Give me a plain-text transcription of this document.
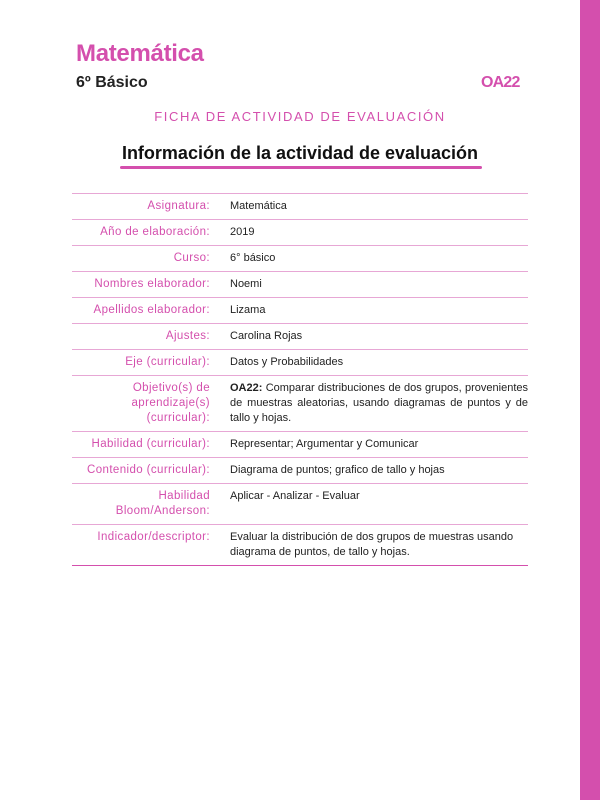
Matemática
6º Básico	OA22
FICHA DE ACTIVIDAD DE EVALUACIÓN
Información de la actividad de evaluación
Asignatura:	Matemática
Año de elaboración:	2019
Curso:	6° básico
Nombres elaborador:	Noemi
Apellidos elaborador:	Lizama
Ajustes:	Carolina Rojas
Eje (curricular):	Datos y Probabilidades
Objetivo(s) de aprendizaje(s) (curricular):	OA22: Comparar distribuciones de dos grupos, provenientes de muestras aleatorias, usando diagramas de puntos y de tallo y hojas.
Habilidad (curricular):	Representar; Argumentar y Comunicar
Contenido (curricular):	Diagrama de puntos; grafico de tallo y hojas
Habilidad Bloom/Anderson:	Aplicar - Analizar - Evaluar
Indicador/descriptor:	Evaluar la distribución de dos grupos de muestras usando diagrama de puntos, de tallo y hojas.
